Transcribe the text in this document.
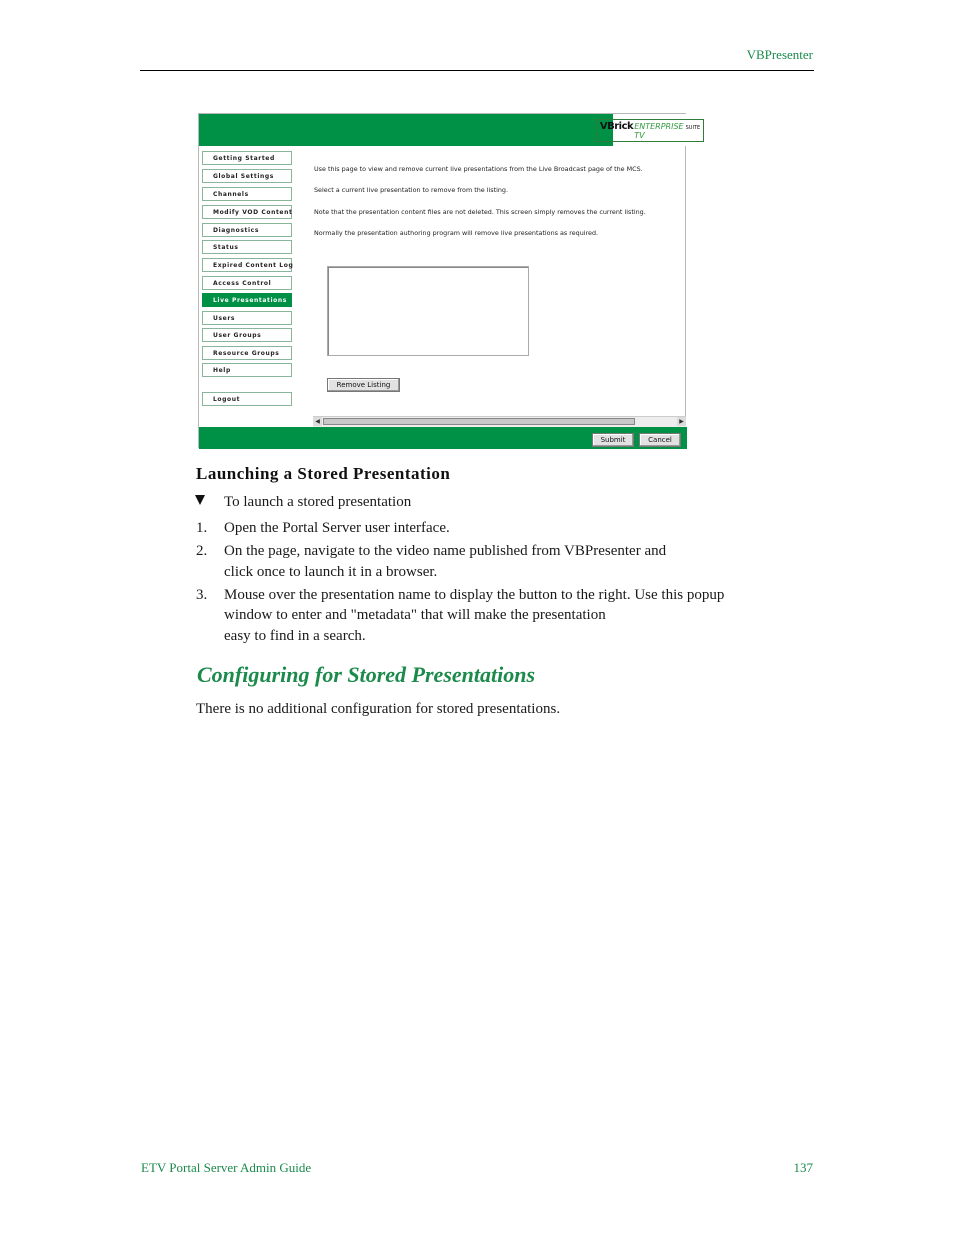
VBPresenter
VBrick ENTERPRISE TV
SUITE
Getting Started
Global Settings
Channels
Modify VOD Content
Diagnostics
Status
Expired Content Log
Access Control
Live Presentations
Users
User Groups
Resource Groups
Help
Logout
Use this page to view and remove current live presentations from the Live Broadcast page of the MCS.
Select a current live presentation to remove from the listing.
Note that the presentation content files are not deleted. This screen simply removes the current listing.
Normally the presentation authoring program will remove live presentations as required.
Remove Listing
◀	▶
Submit	Cancel
Launching a Stored Presentation
To launch a stored presentation
1. Open the Portal Server user interface.
2. On the page, navigate to the video name published from VBPresenter and
click once to launch it in a browser.
3. Mouse over the presentation name to display the button to the right. Use this popup
window to enter and "metadata" that will make the presentation
easy to find in a search.
Configuring for Stored Presentations
There is no additional configuration for stored presentations.
ETV Portal Server Admin Guide	137
